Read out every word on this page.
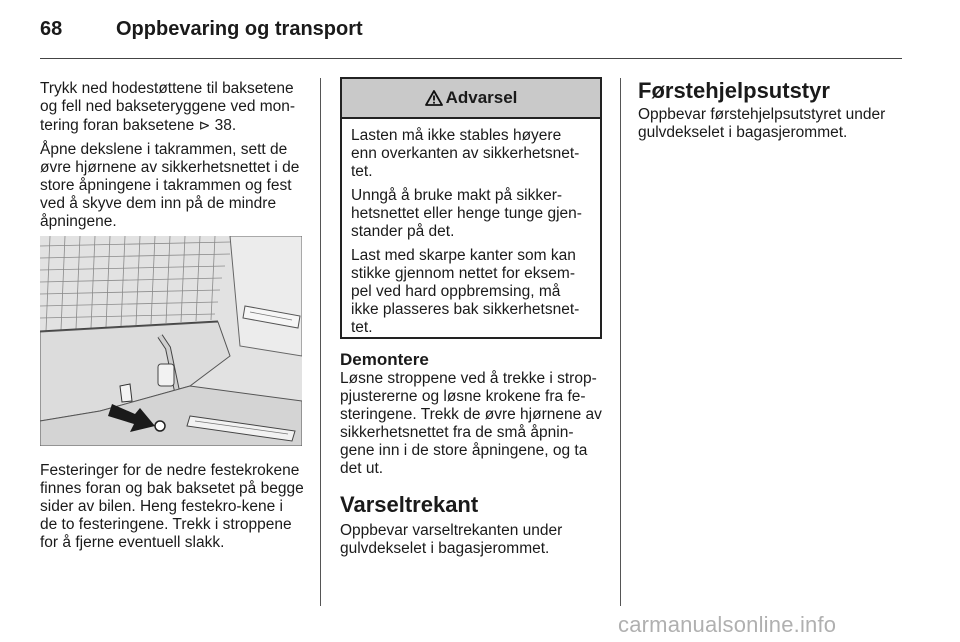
68	Oppbevaring og transport

Trykk ned hodestøttene til baksetene og fell ned bakseteryggene ved mon-tering foran baksetene ⊳ 38.

Åpne dekslene i takrammen, sett de øvre hjørnene av sikkerhetsnettet i de store åpningene i takrammen og fest ved å skyve dem inn på de mindre åpningene.

Festeringer for de nedre festekrokene finnes foran og bak baksetet på begge sider av bilen. Heng festekro-kene i de to festeringene. Trekk i stroppene for å fjerne eventuell slakk.

Advarsel

Lasten må ikke stables høyere enn overkanten av sikkerhetsnet-tet.

Unngå å bruke makt på sikker-hetsnettet eller henge tunge gjen-stander på det.

Last med skarpe kanter som kan stikke gjennom nettet for eksem-pel ved hard oppbremsing, må ikke plasseres bak sikkerhetsnet-tet.

Demontere

Løsne stroppene ved å trekke i strop-pjustererne og løsne krokene fra fe-steringene. Trekk de øvre hjørnene av sikkerhetsnettet fra de små åpnin-gene inn i de store åpningene, og ta det ut.

Varseltrekant

Oppbevar varseltrekanten under gulvdekselet i bagasjerommet.

Førstehjelpsutstyr

Oppbevar førstehjelpsutstyret under gulvdekselet i bagasjerommet.

carmanualsonline.info
